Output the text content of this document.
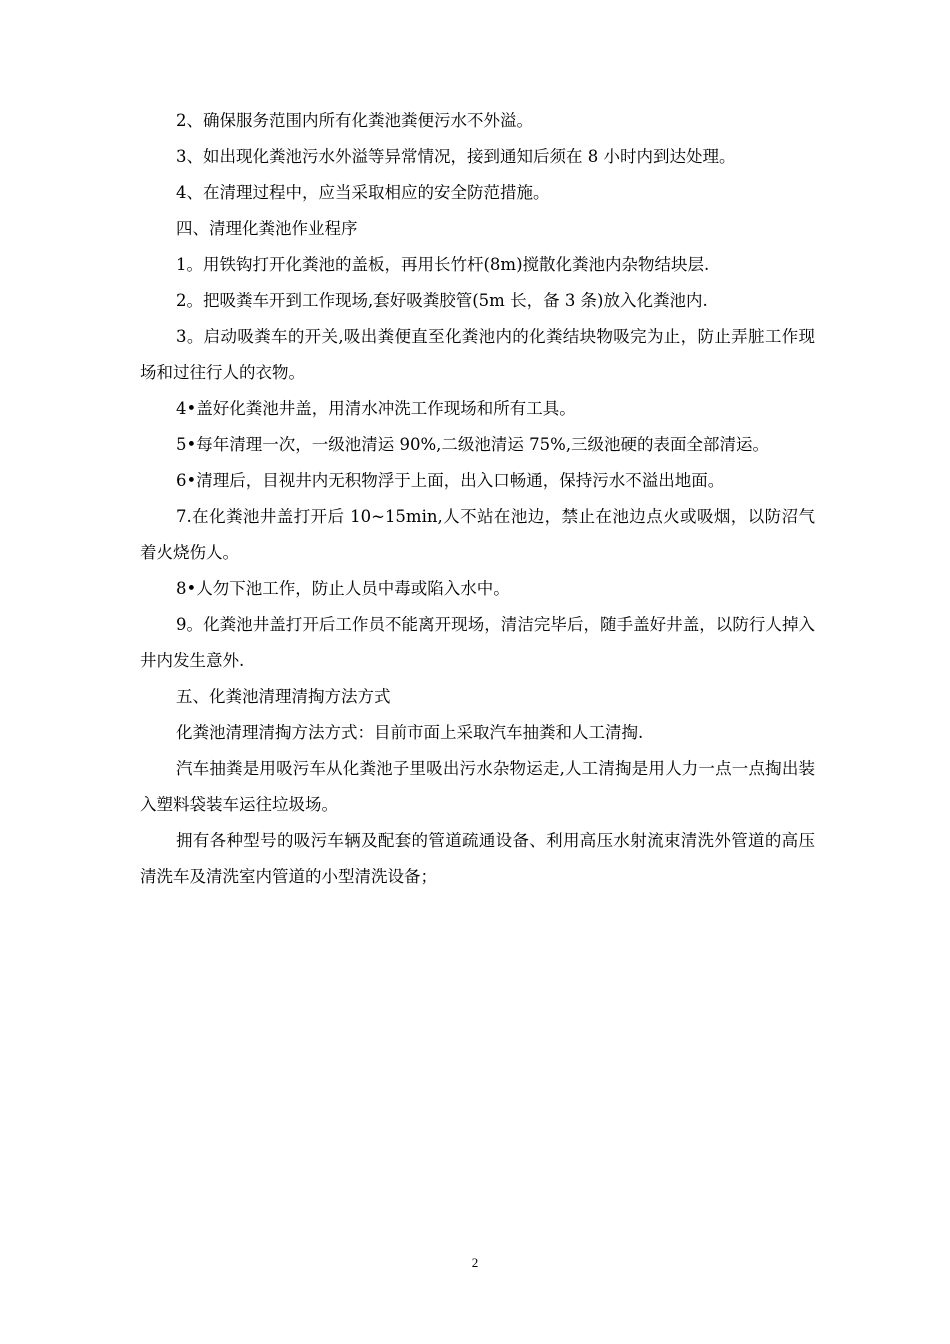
2、确保服务范围内所有化粪池粪便污水不外溢。

3、如出现化粪池污水外溢等异常情况，接到通知后须在 8 小时内到达处理。

4、在清理过程中，应当采取相应的安全防范措施。

四、清理化粪池作业程序

1。用铁钩打开化粪池的盖板，再用长竹杆(8m)搅散化粪池内杂物结块层.

2。把吸粪车开到工作现场,套好吸粪胶管(5m 长，备 3 条)放入化粪池内.

3。启动吸粪车的开关,吸出粪便直至化粪池内的化粪结块物吸完为止，防止弄脏工作现场和过往行人的衣物。

4•盖好化粪池井盖，用清水冲洗工作现场和所有工具。

5•每年清理一次，一级池清运 90%,二级池清运 75%,三级池硬的表面全部清运。

6•清理后，目视井内无积物浮于上面，出入口畅通，保持污水不溢出地面。

7.在化粪池井盖打开后 10~15min,人不站在池边，禁止在池边点火或吸烟，以防沼气着火烧伤人。

8•人勿下池工作，防止人员中毒或陷入水中。

9。化粪池井盖打开后工作员不能离开现场，清洁完毕后，随手盖好井盖，以防行人掉入井内发生意外.

五、化粪池清理清掏方法方式

化粪池清理清掏方法方式：目前市面上采取汽车抽粪和人工清掏.

汽车抽粪是用吸污车从化粪池子里吸出污水杂物运走,人工清掏是用人力一点一点掏出装入塑料袋装车运往垃圾场。

拥有各种型号的吸污车辆及配套的管道疏通设备、利用高压水射流束清洗外管道的高压清洗车及清洗室内管道的小型清洗设备；

2
